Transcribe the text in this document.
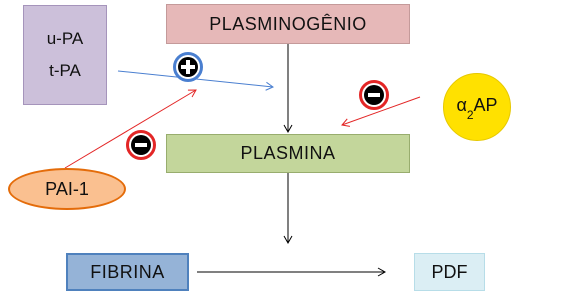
PLASMINOGÊNIO
PLASMINA
u-PA
t-PA
FIBRINA	PDF
PAI-1
$\alpha_2AP$
